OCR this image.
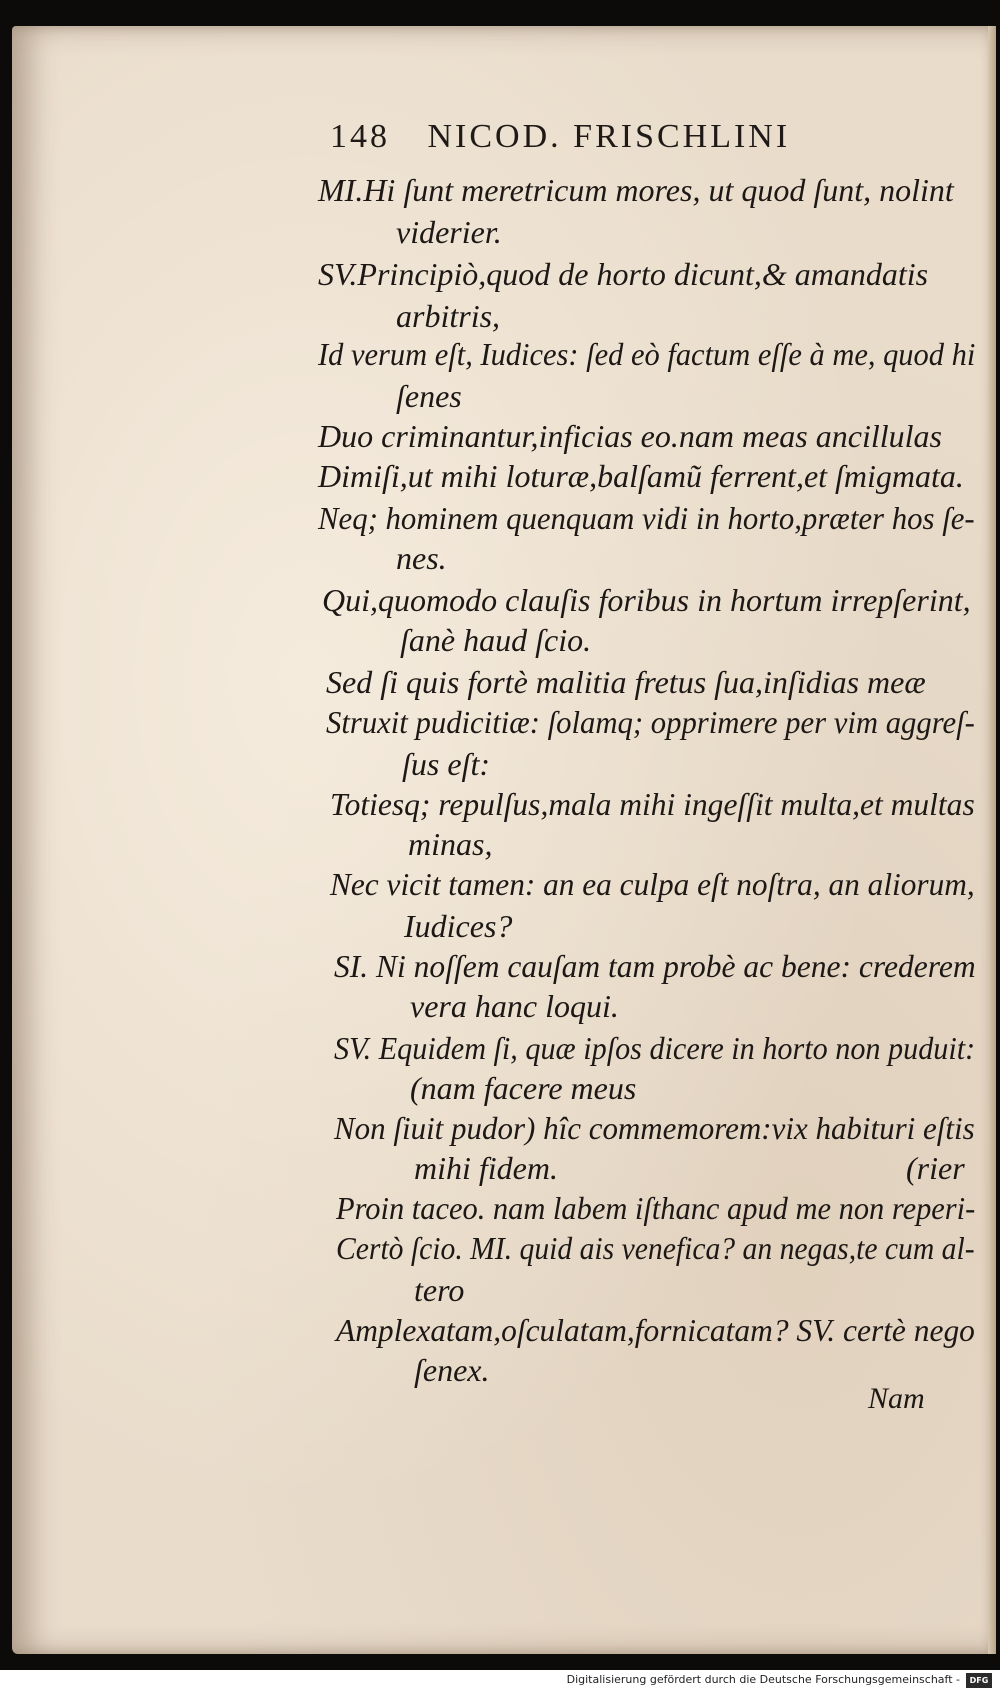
148 NICOD. FRISCHLINI
MI.Hi ſunt meretricum mores, ut quod ſunt, nolint
viderier.
SV.Principiò,quod de horto dicunt,& amandatis
arbitris,
Id verum eſt, Iudices: ſed eò factum eſſe à me, quod hi
ſenes
Duo criminantur,inficias eo.nam meas ancillulas
Dimiſi,ut mihi loturæ,balſamũ ferrent,et ſmigmata.
Neq; hominem quenquam vidi in horto,præter hos ſe-
nes.
Qui,quomodo clauſis foribus in hortum irrepſerint,
ſanè haud ſcio.
Sed ſi quis fortè malitia fretus ſua,inſidias meæ
Struxit pudicitiæ: ſolamq; opprimere per vim aggreſ-
ſus eſt:
Totiesq; repulſus,mala mihi ingeſſit multa,et multas
minas,
Nec vicit tamen: an ea culpa eſt noſtra, an aliorum,
Iudices?
SI. Ni noſſem cauſam tam probè ac bene: crederem
vera hanc loqui.
SV. Equidem ſi, quæ ipſos dicere in horto non puduit:
(nam facere meus
Non ſiuit pudor) hîc commemorem:vix habituri eſtis
mihi fidem.	(rier
Proin taceo. nam labem iſthanc apud me non reperi-
Certò ſcio. MI. quid ais venefica? an negas,te cum al-
tero
Amplexatam,oſculatam,fornicatam? SV. certè nego
ſenex.
Nam
Digitalisierung gefördert durch die Deutsche Forschungsgemeinschaft -	DFG
